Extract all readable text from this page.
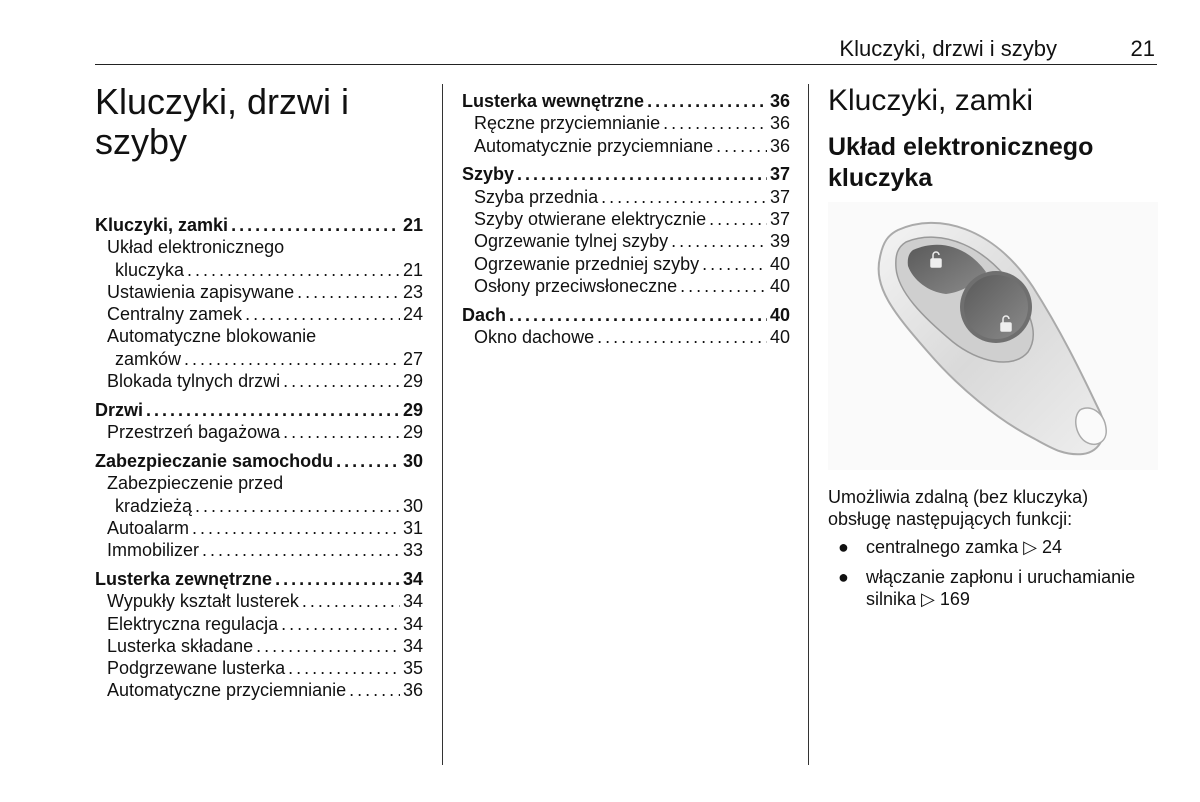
Kluczyki, drzwi i szyby	21
Kluczyki, drzwi i szyby
Kluczyki, zamki . . .	21
Układ elektronicznego
kluczyka . . .	21
Ustawienia zapisywane . . .	23
Centralny zamek . . .	24
Automatyczne blokowanie
zamków . . .	27
Blokada tylnych drzwi . . .	29
Drzwi . . .	29
Przestrzeń bagażowa . . .	29
Zabezpieczanie samochodu . . .	30
Zabezpieczenie przed
kradzieżą . . .	30
Autoalarm . . .	31
Immobilizer . . .	33
Lusterka zewnętrzne . . .	34
Wypukły kształt lusterek . . .	34
Elektryczna regulacja . . .	34
Lusterka składane . . .	34
Podgrzewane lusterka . . .	35
Automatyczne przyciemnianie . . .	36
Lusterka wewnętrzne . . .	36
Ręczne przyciemnianie . . .	36
Automatycznie przyciemniane . . .	36
Szyby . . .	37
Szyba przednia . . .	37
Szyby otwierane elektrycznie . . .	37
Ogrzewanie tylnej szyby . . .	39
Ogrzewanie przedniej szyby . . .	40
Osłony przeciwsłoneczne . . .	40
Dach . . .	40
Okno dachowe . . .	40
Kluczyki, zamki
Układ elektronicznego kluczyka
Umożliwia zdalną (bez kluczyka) obsługę następujących funkcji:
● centralnego zamka ▷ 24
● włączanie zapłonu i uruchamianie silnika ▷ 169
